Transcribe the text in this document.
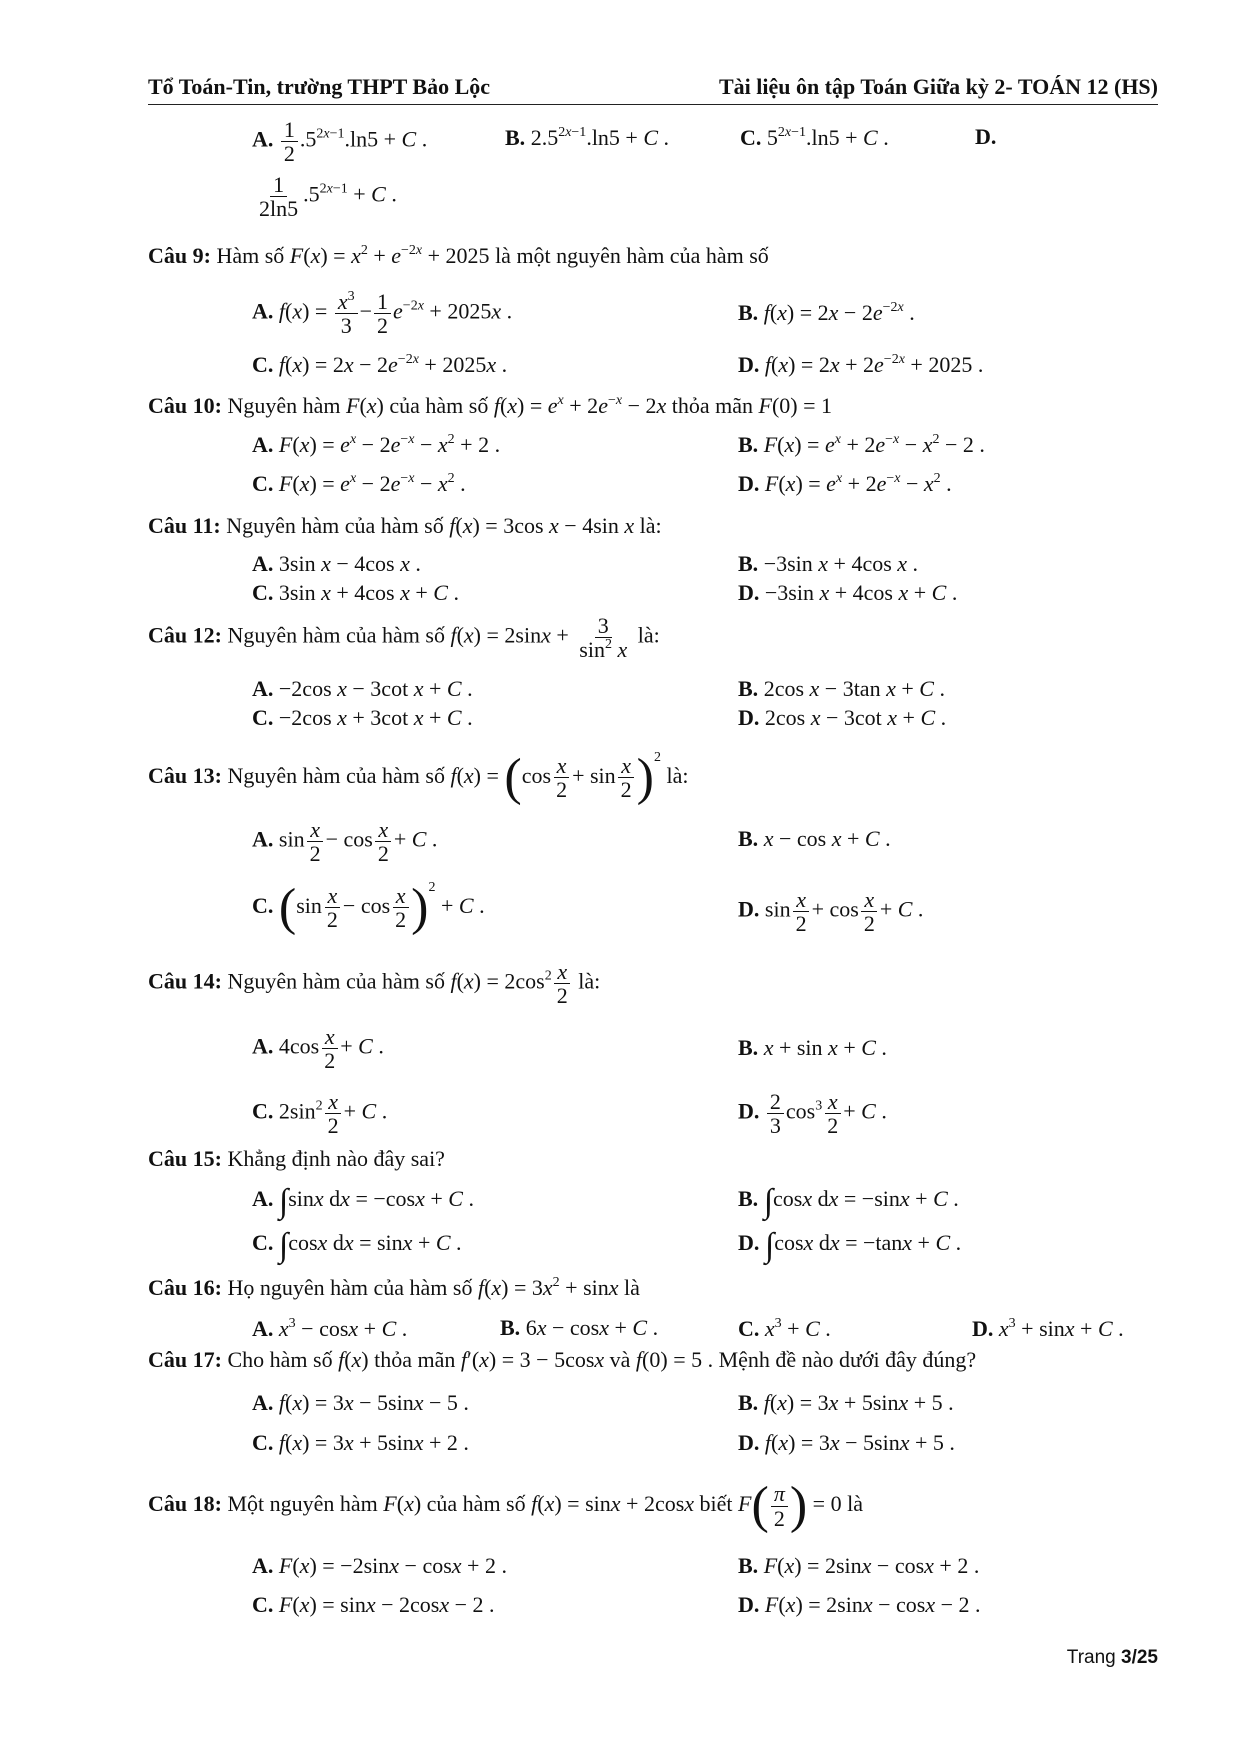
Tổ Toán-Tin, trường THPT Bảo Lộc	Tài liệu ôn tập Toán Giữa kỳ 2- TOÁN 12 (HS)
A. $\frac{1}{2} .5^{2x-1}.\ln 5 + C$ .	B. $2.5^{2x-1}.\ln 5 + C$ .	C. $5^{2x-1}.\ln 5 + C$ .	D.
$\frac{1}{2\ln 5} .5^{2x-1} + C$ .
Câu 9: Hàm số $F(x) = x^2 + e^{-2x} + 2025$ là một nguyên hàm của hàm số
A. $f(x) = \frac{x^3}{3} - \frac{1}{2} e^{-2x} + 2025x$ .	B. $f(x) = 2x - 2e^{-2x}$ .
C. $f(x) = 2x - 2e^{-2x} + 2025x$ .	D. $f(x) = 2x + 2e^{-2x} + 2025$ .
Câu 10: Nguyên hàm F(x) của hàm số $f(x) = e^x + 2e^{-x} - 2x$ thỏa mãn F(0) = 1
A. $F(x) = e^x - 2e^{-x} - x^2 + 2$ .	B. $F(x) = e^x + 2e^{-x} - x^2 - 2$ .
C. $F(x) = e^x - 2e^{-x} - x^2$ .	D. $F(x) = e^x + 2e^{-x} - x^2$ .
Câu 11: Nguyên hàm của hàm số f(x) = 3cos x − 4sin x là:
A. 3sin x − 4cos x .	B. −3sin x + 4cos x .
C. 3sin x + 4cos x + C .	D. −3sin x + 4cos x + C .
Câu 12: Nguyên hàm của hàm số $f(x) = 2\sin x + \frac{3}{\sin^2 x}$ là:
A. −2cos x − 3cot x + C .	B. 2cos x − 3tan x + C .
C. −2cos x + 3cot x + C .	D. 2cos x − 3cot x + C .
Câu 13: Nguyên hàm của hàm số $f(x) = (\cos \frac{x}{2} + \sin \frac{x}{2} )^2$ là:
A. $\sin \frac{x}{2} - \cos \frac{x}{2} + C$ .	B. x − cos x + C .
C. $(\sin \frac{x}{2} - \cos \frac{x}{2} )^2 + C$ .	D. $\sin \frac{x}{2} + \cos \frac{x}{2} + C$ .
Câu 14: Nguyên hàm của hàm số $f(x) = 2\cos^2 \frac{x}{2}$ là:
A. $4\cos \frac{x}{2} + C$ .	B. x + sin x + C .
C. $2\sin^2 \frac{x}{2} + C$ .	D. $\frac{2}{3} \cos^3 \frac{x}{2} + C$ .
Câu 15: Khẳng định nào đây sai?
A. ∫sinx dx = −cosx + C .	B. ∫cosx dx = −sinx + C .
C. ∫cosx dx = sinx + C .	D. ∫cosx dx = −tanx + C .
Câu 16: Họ nguyên hàm của hàm số $f(x) = 3x^2 + \sin x$ là
A. $x^3 - \cos x + C$ .	B. 6x − cosx + C .	C. $x^3 + C$ .	D. $x^3 + \sin x + C$ .
Câu 17: Cho hàm số f(x) thỏa mãn f′(x) = 3 − 5cosx và f(0) = 5 . Mệnh đề nào dưới đây đúng?
A. f(x) = 3x − 5sinx − 5 .	B. f(x) = 3x + 5sinx + 5 .
C. f(x) = 3x + 5sinx + 2 .	D. f(x) = 3x − 5sinx + 5 .
Câu 18: Một nguyên hàm F(x) của hàm số f(x) = sinx + 2cosx biết $F( \frac{\pi}{2}$ ) = 0 là
A. F(x) = −2sinx − cosx + 2 .	B. F(x) = 2sinx − cosx + 2 .
C. F(x) = sinx − 2cosx − 2 .	D. F(x) = 2sinx − cosx − 2 .
Trang 3/25
